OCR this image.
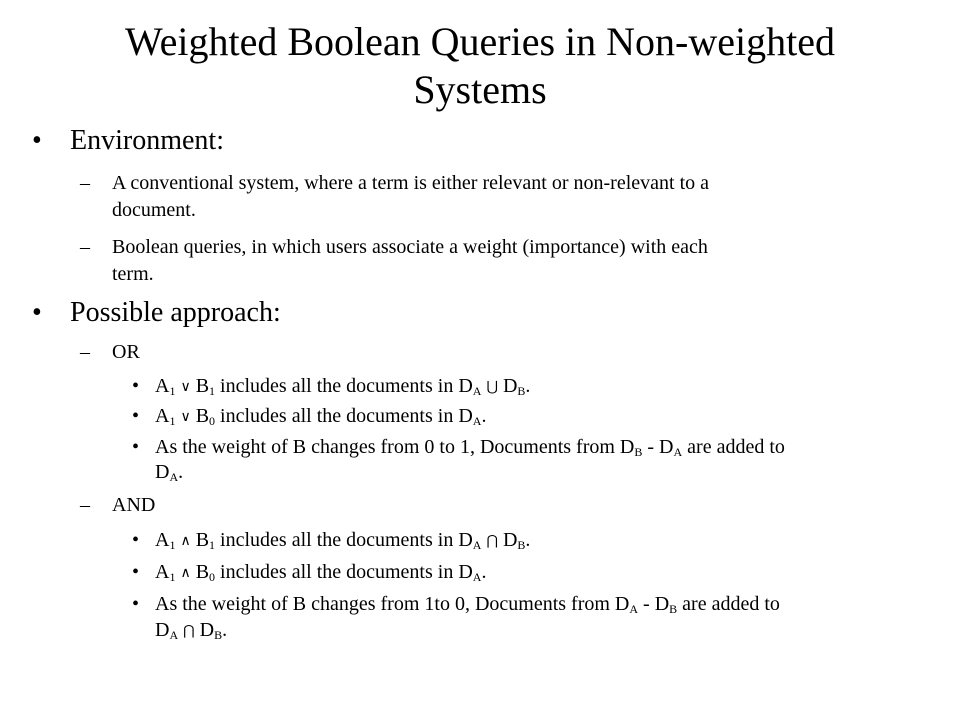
Weighted Boolean Queries in Non-weighted
Systems
• Environment:
– A conventional system, where a term is either relevant or non-relevant to a
document.
– Boolean queries, in which users associate a weight (importance) with each
term.
• Possible approach:
– OR
• $A_1$ ∨ $B_1$ includes all the documents in $D_A$ ⋃ $D_B$.
• $A_1$ ∨ $B_0$ includes all the documents in $D_A$.
• As the weight of B changes from 0 to 1, Documents from $D_B - D_A$ are added to
$D_A$.
– AND
• $A_1$ ∧ $B_1$ includes all the documents in $D_A$ ⋂ $D_B$.
• $A_1$ ∧ $B_0$ includes all the documents in $D_A$.
• As the weight of B changes from 1to 0, Documents from $D_A - D_B$ are added to
$D_A$ ⋂ $D_B$.
